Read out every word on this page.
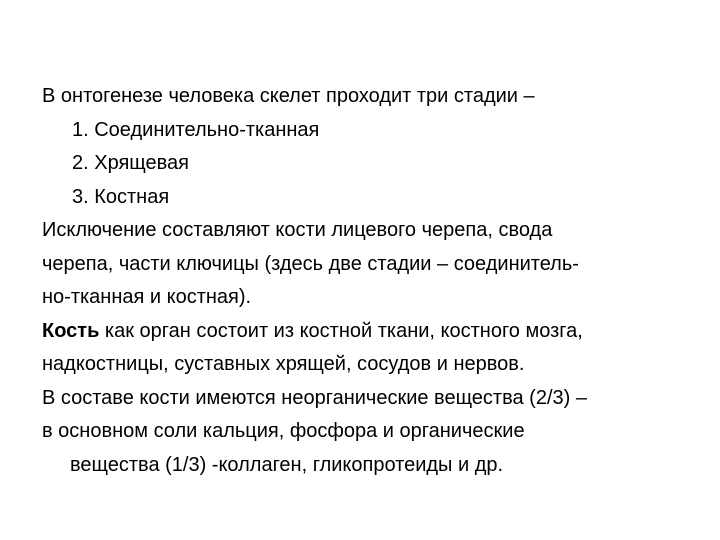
В онтогенезе человека скелет проходит три стадии –
1. Соединительно-тканная
2. Хрящевая
3. Костная
Исключение составляют кости лицевого черепа, свода
черепа, части ключицы (здесь две стадии – соединитель-
но-тканная и костная).
Кость как орган состоит из костной ткани, костного мозга,
надкостницы, суставных хрящей, сосудов и нервов.
В составе кости имеются неорганические вещества (2/3) –
в основном соли кальция, фосфора и органические
вещества (1/3) -коллаген, гликопротеиды и др.
